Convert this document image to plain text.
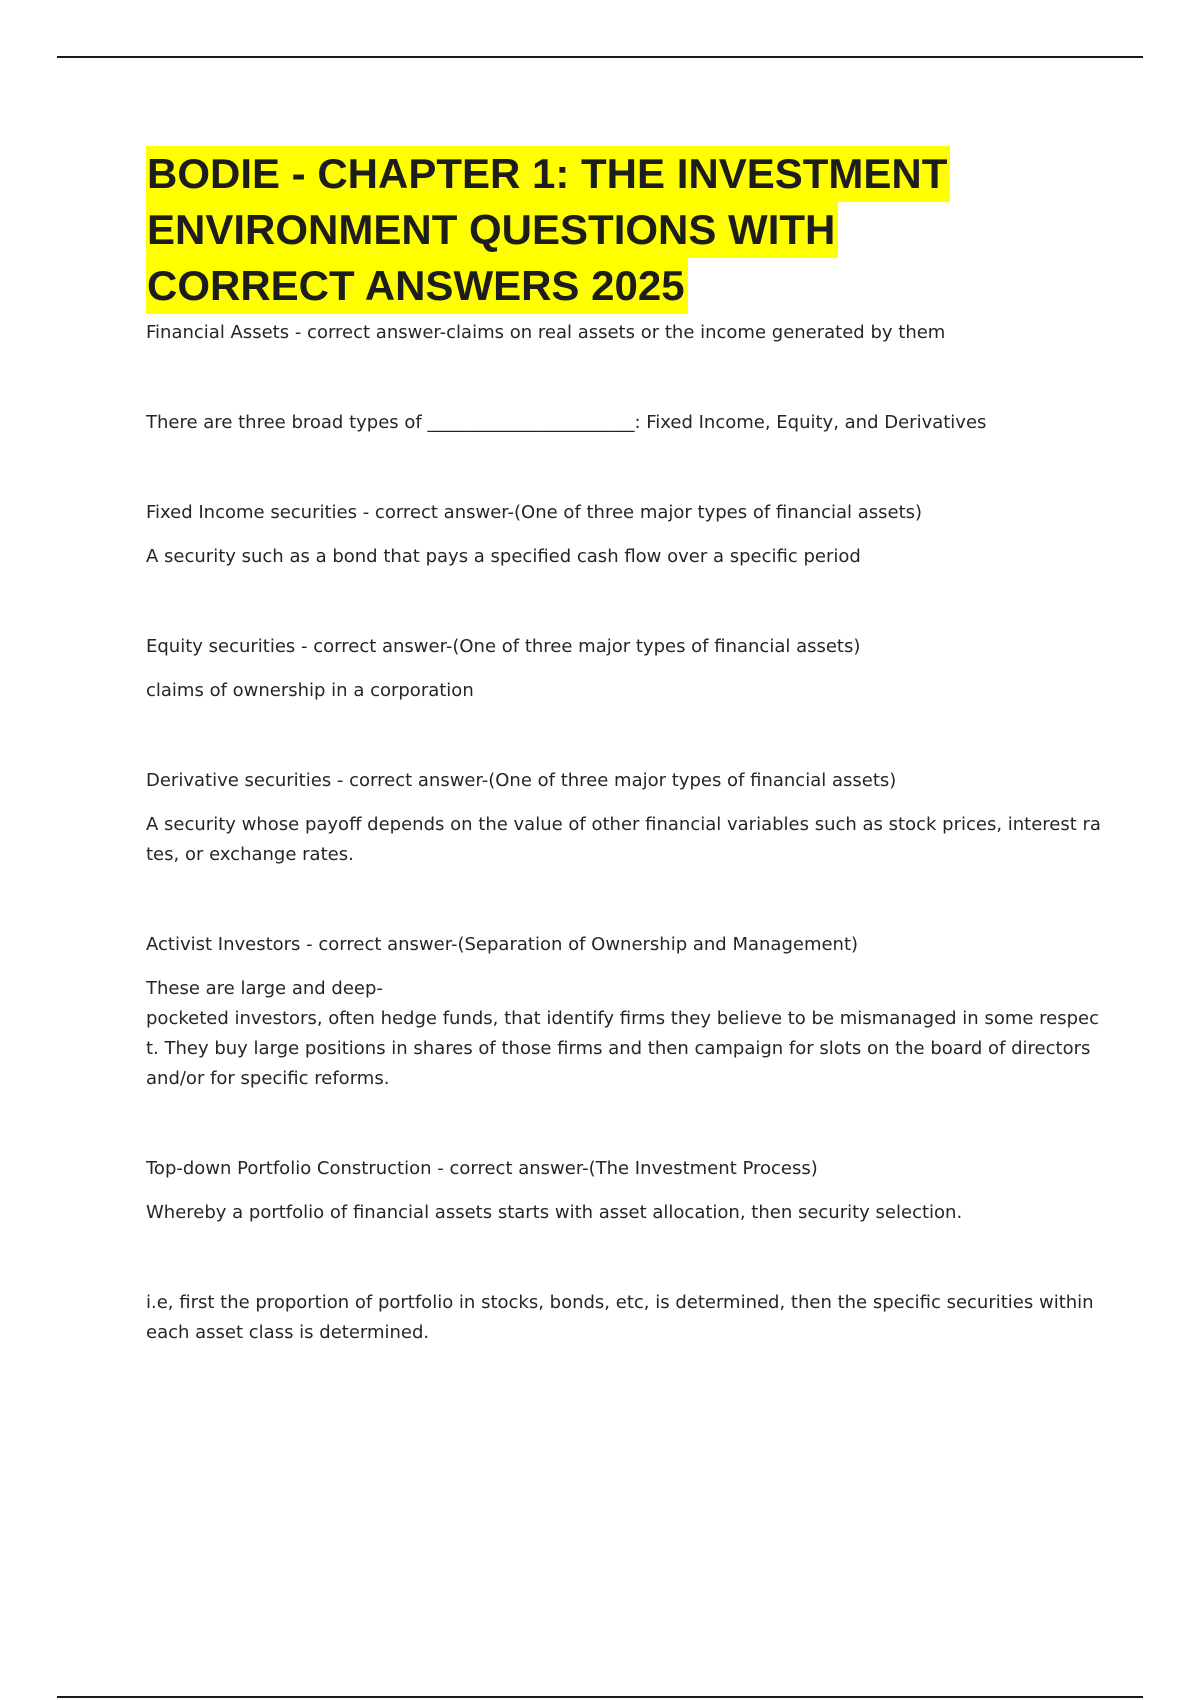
BODIE - CHAPTER 1: THE INVESTMENT
ENVIRONMENT QUESTIONS WITH
CORRECT ANSWERS 2025
Financial Assets - correct answer-claims on real assets or the income generated by them
There are three broad types of _______________________: Fixed Income, Equity, and Derivatives
Fixed Income securities - correct answer-(One of three major types of financial assets)
A security such as a bond that pays a specified cash flow over a specific period
Equity securities - correct answer-(One of three major types of financial assets)
claims of ownership in a corporation
Derivative securities - correct answer-(One of three major types of financial assets)
A security whose payoff depends on the value of other financial variables such as stock prices, interest ra
tes, or exchange rates.
Activist Investors - correct answer-(Separation of Ownership and Management)
These are large and deep-
pocketed investors, often hedge funds, that identify firms they believe to be mismanaged in some respec
t. They buy large positions in shares of those firms and then campaign for slots on the board of directors
and/or for specific reforms.
Top-down Portfolio Construction - correct answer-(The Investment Process)
Whereby a portfolio of financial assets starts with asset allocation, then security selection.
i.e, first the proportion of portfolio in stocks, bonds, etc, is determined, then the specific securities within
each asset class is determined.
